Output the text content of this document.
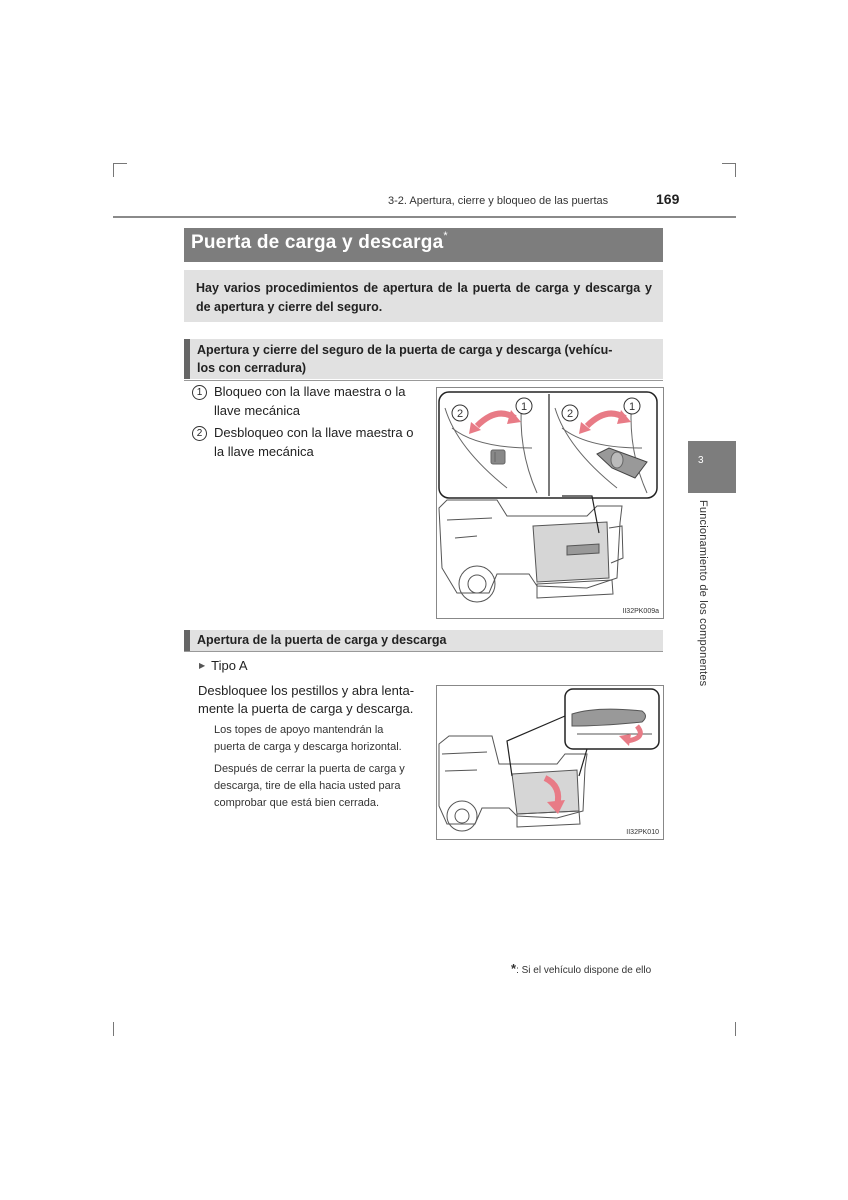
3-2. Apertura, cierre y bloqueo de las puertas	169
Puerta de carga y descarga*
Hay varios procedimientos de apertura de la puerta de carga y descarga y de apertura y cierre del seguro.
Apertura y cierre del seguro de la puerta de carga y descarga (vehícu-
los con cerradura)
1 Bloqueo con la llave maestra o la
llave mecánica
2 Desbloqueo con la llave maestra o
la llave mecánica
2
1
2
1
II32PK009a
Apertura de la puerta de carga y descarga
▶ Tipo A
Desbloquee los pestillos y abra lenta-
mente la puerta de carga y descarga.
Los topes de apoyo mantendrán la
puerta de carga y descarga horizontal.
Después de cerrar la puerta de carga y
descarga, tire de ella hacia usted para
comprobar que está bien cerrada.
II32PK010
3
Funcionamiento de los componentes
*: Si el vehículo dispone de ello
